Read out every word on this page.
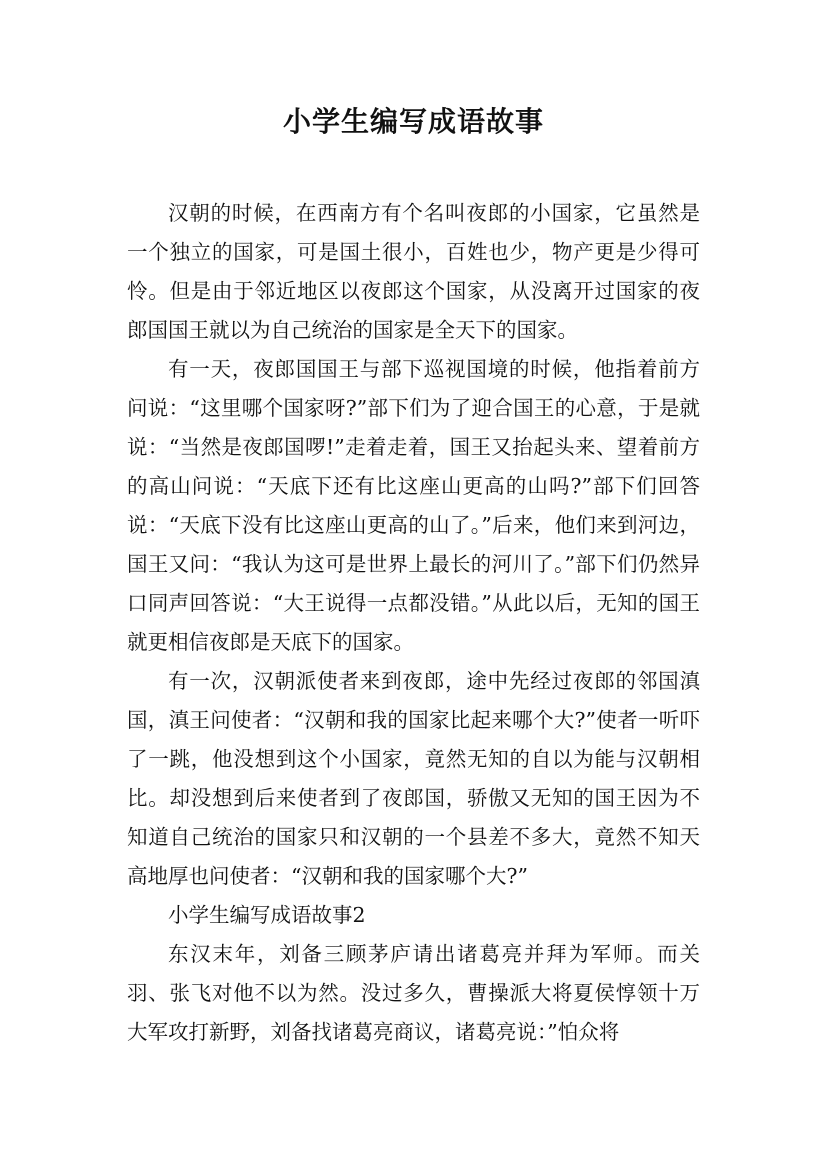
小学生编写成语故事

汉朝的时候，在西南方有个名叫夜郎的小国家，它虽然是一个独立的国家，可是国土很小，百姓也少，物产更是少得可怜。但是由于邻近地区以夜郎这个国家，从没离开过国家的夜郎国国王就以为自己统治的国家是全天下的国家。

有一天，夜郎国国王与部下巡视国境的时候，他指着前方问说：“这里哪个国家呀?”部下们为了迎合国王的心意，于是就说：“当然是夜郎国啰!”走着走着，国王又抬起头来、望着前方的高山问说：“天底下还有比这座山更高的山吗?”部下们回答说：“天底下没有比这座山更高的山了。”后来，他们来到河边，国王又问：“我认为这可是世界上最长的河川了。”部下们仍然异口同声回答说：“大王说得一点都没错。”从此以后，无知的国王就更相信夜郎是天底下的国家。

有一次，汉朝派使者来到夜郎，途中先经过夜郎的邻国滇国，滇王问使者：“汉朝和我的国家比起来哪个大?”使者一听吓了一跳，他没想到这个小国家，竟然无知的自以为能与汉朝相比。却没想到后来使者到了夜郎国，骄傲又无知的国王因为不知道自己统治的国家只和汉朝的一个县差不多大，竟然不知天高地厚也问使者：“汉朝和我的国家哪个大?”

小学生编写成语故事2

东汉末年，刘备三顾茅庐请出诸葛亮并拜为军师。而关羽、张飞对他不以为然。没过多久，曹操派大将夏侯惇领十万大军攻打新野，刘备找诸葛亮商议，诸葛亮说：”怕众将
